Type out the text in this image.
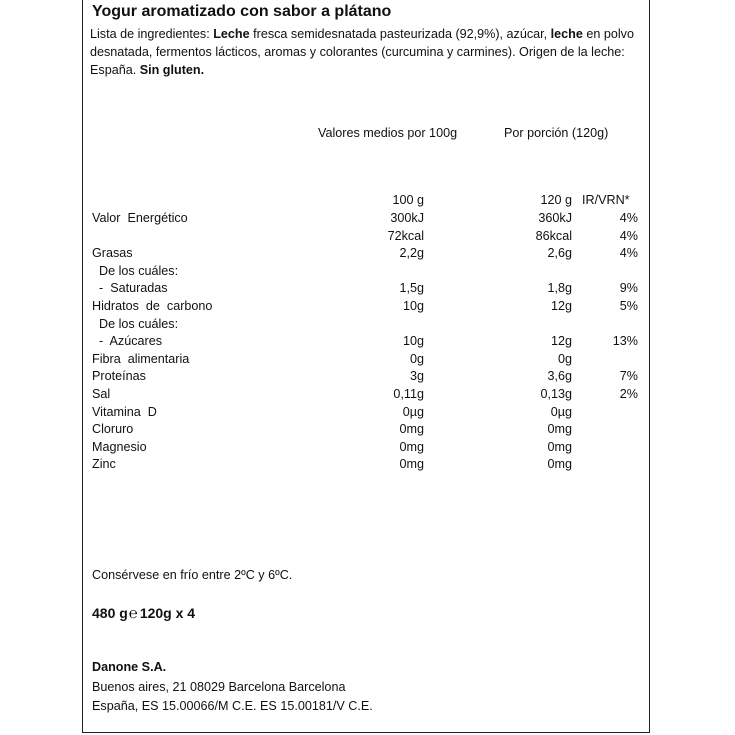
Yogur aromatizado con sabor a plátano
Lista de ingredientes: Leche fresca semidesnatada pasteurizada (92,9%), azúcar, leche en polvo desnatada, fermentos lácticos, aromas y colorantes (curcumina y carmines). Origen de la leche: España. Sin gluten.
Valores medios por 100g	Por porción (120g)
100 g	120 g IR/VRN*
Valor  Energético	300kJ	360kJ	4%
72kcal	86kcal	4%
Grasas	2,2g	2,6g	4%
De los cuáles:
-  Saturadas	1,5g	1,8g	9%
Hidratos  de  carbono	10g	12g	5%
De los cuáles:
-  Azúcares	10g	12g	13%
Fibra  alimentaria	0g	0g
Proteínas	3g	3,6g	7%
Sal	0,11g	0,13g	2%
Vitamina  D	0µg	0µg
Cloruro	0mg	0mg
Magnesio	0mg	0mg
Zinc	0mg	0mg
Consérvese en frío entre 2ºC y 6ºC.
480 g℮ 120g x 4
Danone S.A.
Buenos aires, 21 08029 Barcelona Barcelona
España, ES 15.00066/M C.E. ES 15.00181/V C.E.
